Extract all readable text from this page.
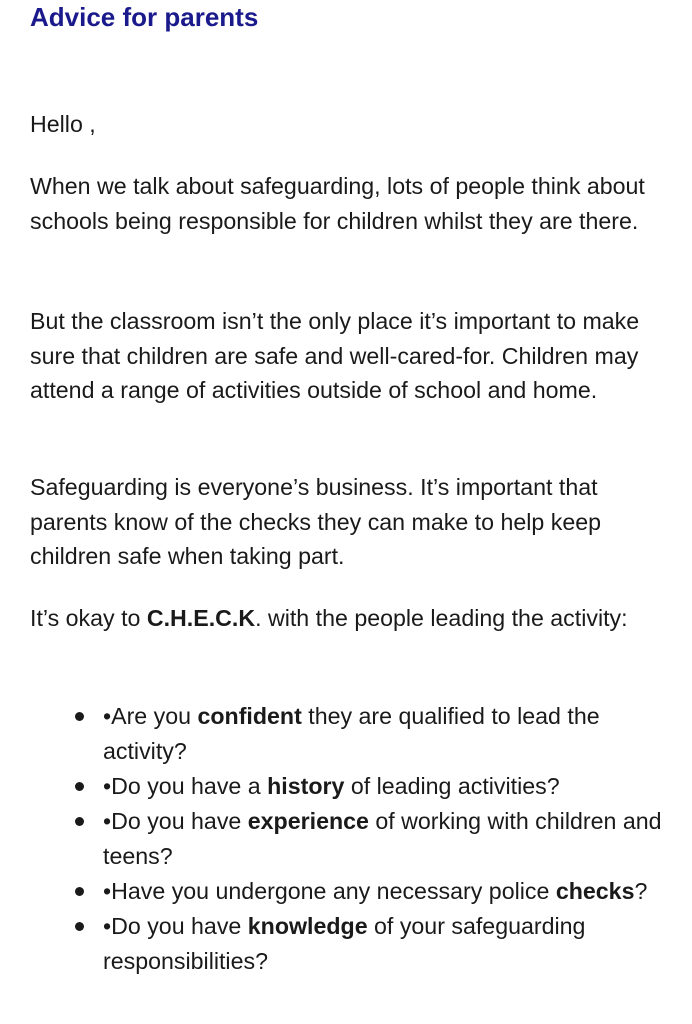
Advice for parents

Hello ,

When we talk about safeguarding, lots of people think about schools being responsible for children whilst they are there.

But the classroom isn’t the only place it’s important to make sure that children are safe and well-cared-for. Children may attend a range of activities outside of school and home.

Safeguarding is everyone’s business. It’s important that parents know of the checks they can make to help keep children safe when taking part.

It’s okay to C.H.E.C.K. with the people leading the activity:

•Are you confident they are qualified to lead the activity?
•Do you have a history of leading activities?
•Do you have experience of working with children and teens?
•Have you undergone any necessary police checks?
•Do you have knowledge of your safeguarding responsibilities?
